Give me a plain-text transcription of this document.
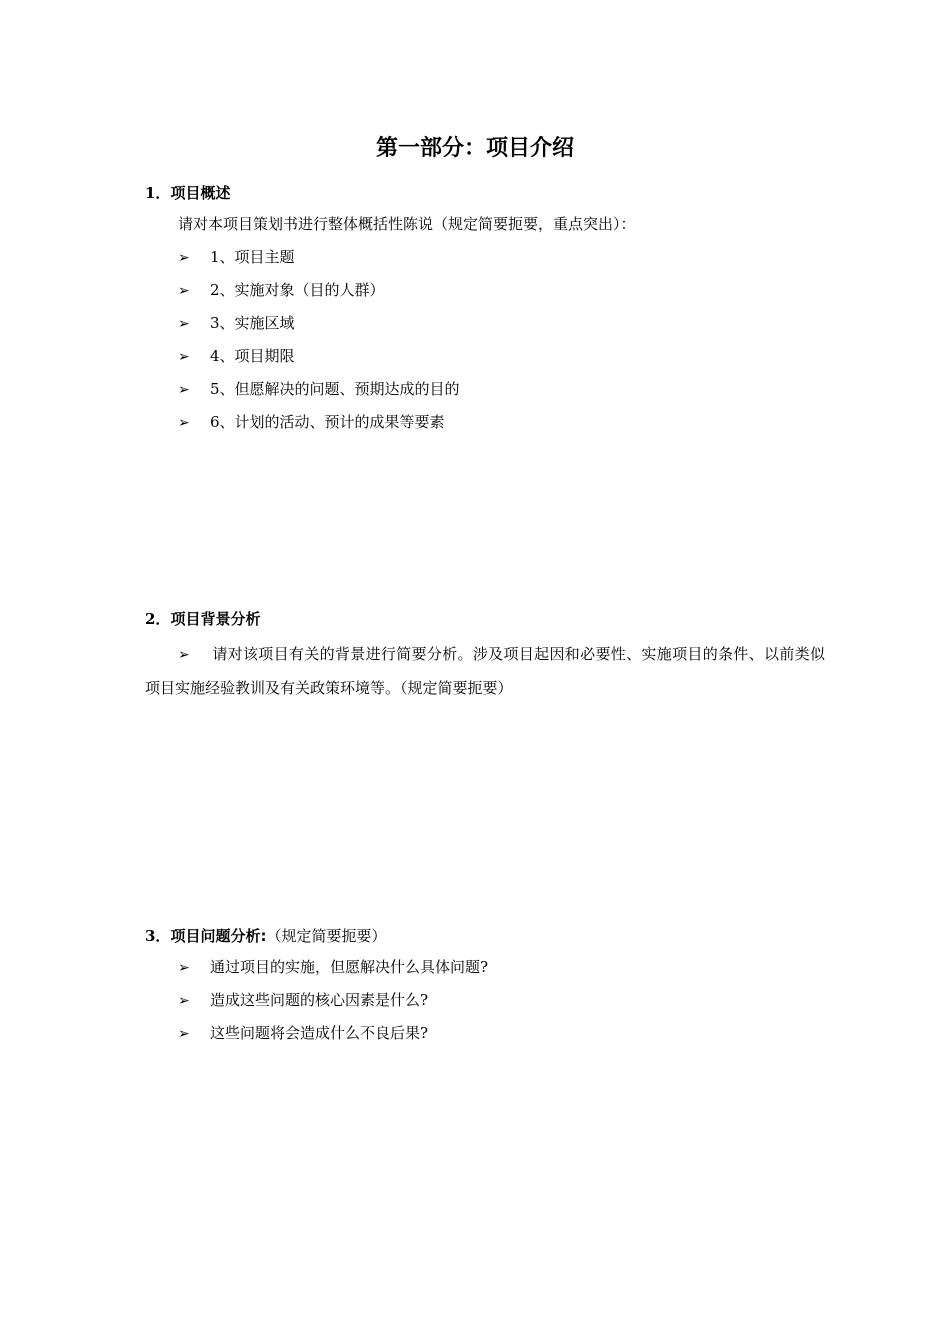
第一部分：项目介绍
1．项目概述
请对本项目策划书进行整体概括性陈说（规定简要扼要，重点突出）：
➢ 1、项目主题
➢ 2、实施对象（目的人群）
➢ 3、实施区域
➢ 4、项目期限
➢ 5、但愿解决的问题、预期达成的目的
➢ 6、计划的活动、预计的成果等要素
2．项目背景分析
➢ 请对该项目有关的背景进行简要分析。涉及项目起因和必要性、实施项目的条件、以前类似项目实施经验教训及有关政策环境等。（规定简要扼要）
3．项目问题分析:（规定简要扼要）
➢ 通过项目的实施，但愿解决什么具体问题?
➢ 造成这些问题的核心因素是什么?
➢ 这些问题将会造成什么不良后果?
